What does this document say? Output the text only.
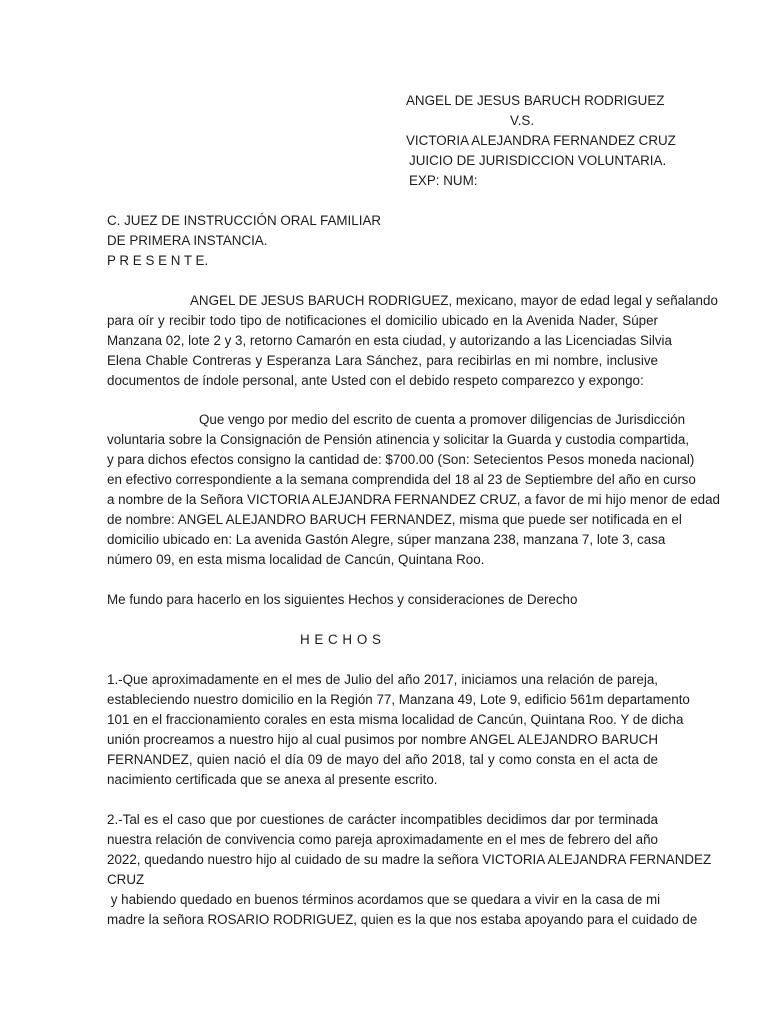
ANGEL DE JESUS BARUCH RODRIGUEZ
V.S.
VICTORIA ALEJANDRA FERNANDEZ CRUZ
JUICIO DE JURISDICCION VOLUNTARIA.
EXP: NUM:
C. JUEZ DE INSTRUCCIÓN ORAL FAMILIAR
DE PRIMERA INSTANCIA.
P R E S E N T E.
ANGEL DE JESUS BARUCH RODRIGUEZ, mexicano, mayor de edad legal y señalando
para oír y recibir todo tipo de notificaciones el domicilio ubicado en la Avenida Nader, Súper
Manzana 02, lote 2 y 3, retorno Camarón en esta ciudad, y autorizando a las Licenciadas Silvia
Elena Chable Contreras y Esperanza Lara Sánchez, para recibirlas en mi nombre, inclusive
documentos de índole personal, ante Usted con el debido respeto comparezco y expongo:
Que vengo por medio del escrito de cuenta a promover diligencias de Jurisdicción
voluntaria sobre la Consignación de Pensión atinencia y solicitar la Guarda y custodia compartida,
y para dichos efectos consigno la cantidad de: $700.00 (Son: Setecientos Pesos moneda nacional)
en efectivo correspondiente a la semana comprendida del 18 al 23 de Septiembre del año en curso
a nombre de la Señora VICTORIA ALEJANDRA FERNANDEZ CRUZ, a favor de mi hijo menor de edad
de nombre: ANGEL ALEJANDRO BARUCH FERNANDEZ, misma que puede ser notificada en el
domicilio ubicado en: La avenida Gastón Alegre, súper manzana 238, manzana 7, lote 3, casa
número 09, en esta misma localidad de Cancún, Quintana Roo.
Me fundo para hacerlo en los siguientes Hechos y consideraciones de Derecho
H E C H O S
1.-Que aproximadamente en el mes de Julio del año 2017, iniciamos una relación de pareja,
estableciendo nuestro domicilio en la Región 77, Manzana 49, Lote 9, edificio 561m departamento
101 en el fraccionamiento corales en esta misma localidad de Cancún, Quintana Roo. Y de dicha
unión procreamos a nuestro hijo al cual pusimos por nombre ANGEL ALEJANDRO BARUCH
FERNANDEZ, quien nació el día 09 de mayo del año 2018, tal y como consta en el acta de
nacimiento certificada que se anexa al presente escrito.
2.-Tal es el caso que por cuestiones de carácter incompatibles decidimos dar por terminada
nuestra relación de convivencia como pareja aproximadamente en el mes de febrero del año
2022, quedando nuestro hijo al cuidado de su madre la señora VICTORIA ALEJANDRA FERNANDEZ
CRUZ
y habiendo quedado en buenos términos acordamos que se quedara a vivir en la casa de mi
madre la señora ROSARIO RODRIGUEZ, quien es la que nos estaba apoyando para el cuidado de
